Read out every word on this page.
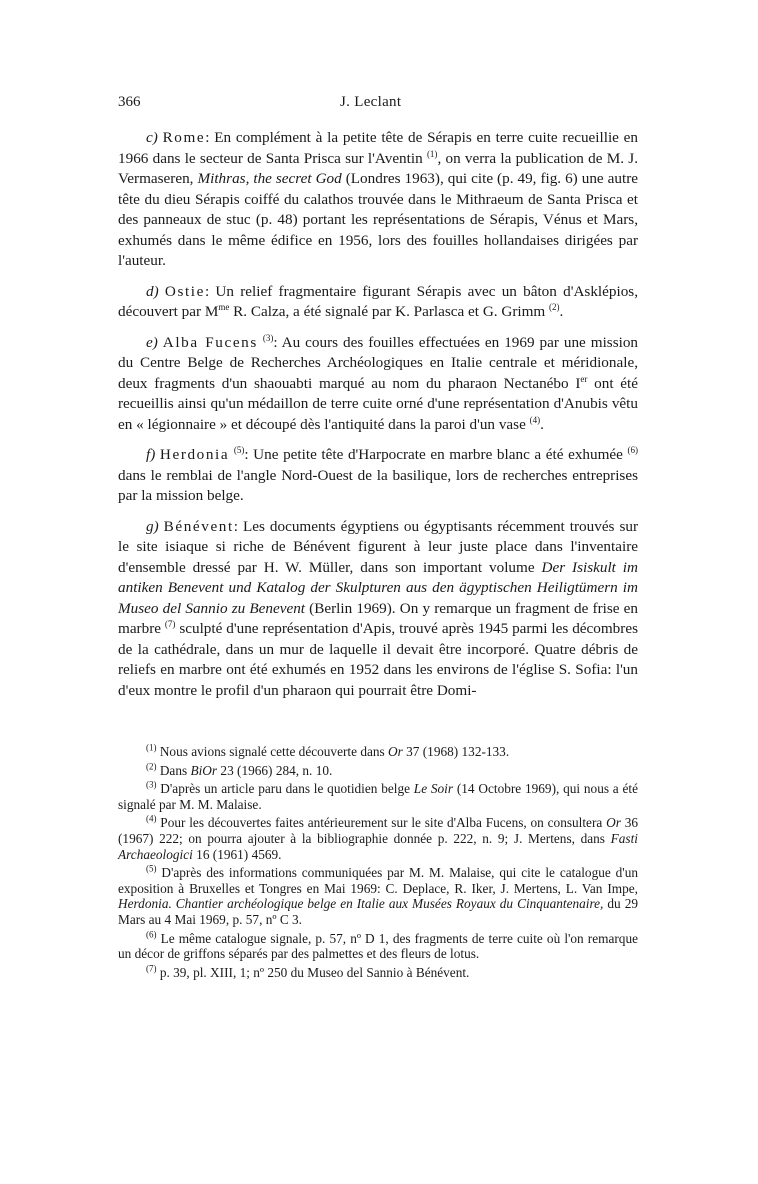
366	J. Leclant

c) Rome: En complément à la petite tête de Sérapis en terre cuite recueillie en 1966 dans le secteur de Santa Prisca sur l'Aventin $^{(1)}$, on verra la publication de M. J. Vermaseren, Mithras, the secret God (Londres 1963), qui cite (p. 49, fig. 6) une autre tête du dieu Sérapis coiffé du calathos trouvée dans le Mithraeum de Santa Prisca et des panneaux de stuc (p. 48) portant les représentations de Sérapis, Vénus et Mars, exhumés dans le même édifice en 1956, lors des fouilles hollandaises dirigées par l'auteur.

d) Ostie: Un relief fragmentaire figurant Sérapis avec un bâton d'Asklépios, découvert par $M^{me}$ R. Calza, a été signalé par K. Parlasca et G. Grimm $^{(2)}$.

e) Alba Fucens $^{(3)}$: Au cours des fouilles effectuées en 1969 par une mission du Centre Belge de Recherches Archéologiques en Italie centrale et méridionale, deux fragments d'un shaouabti marqué au nom du pharaon Nectanébo Ier ont été recueillis ainsi qu'un médaillon de terre cuite orné d'une représentation d'Anubis vêtu en « légionnaire » et découpé dès l'antiquité dans la paroi d'un vase $^{(4)}$.

f) Herdonia $^{(5)}$: Une petite tête d'Harpocrate en marbre blanc a été exhumée $^{(6)}$ dans le remblai de l'angle Nord-Ouest de la basilique, lors de recherches entreprises par la mission belge.

g) Bénévent: Les documents égyptiens ou égyptisants récemment trouvés sur le site isiaque si riche de Bénévent figurent à leur juste place dans l'inventaire d'ensemble dressé par H. W. Müller, dans son important volume Der Isiskult im antiken Benevent und Katalog der Skulpturen aus den ägyptischen Heiligtümern im Museo del Sannio zu Benevent (Berlin 1969). On y remarque un fragment de frise en marbre $^{(7)}$ sculpté d'une représentation d'Apis, trouvé après 1945 parmi les décombres de la cathédrale, dans un mur de laquelle il devait être incorporé. Quatre débris de reliefs en marbre ont été exhumés en 1952 dans les environs de l'église S. Sofia: l'un d'eux montre le profil d'un pharaon qui pourrait être Domi-

$^{(1)}$ Nous avions signalé cette découverte dans Or 37 (1968) 132-133.

$^{(2)}$ Dans BiOr 23 (1966) 284, n. 10.

$^{(3)}$ D'après un article paru dans le quotidien belge Le Soir (14 Octobre 1969), qui nous a été signalé par M. M. Malaise.

$^{(4)}$ Pour les découvertes faites antérieurement sur le site d'Alba Fucens, on consultera Or 36 (1967) 222; on pourra ajouter à la bibliographie donnée p. 222, n. 9; J. Mertens, dans Fasti Archaeologici 16 (1961) 4569.

$^{(5)}$ D'après des informations communiquées par M. M. Malaise, qui cite le catalogue d'un exposition à Bruxelles et Tongres en Mai 1969: C. Deplace, R. Iker, J. Mertens, L. Van Impe, Herdonia. Chantier archéologique belge en Italie aux Musées Royaux du Cinquantenaire, du 29 Mars au 4 Mai 1969, p. 57, nº C 3.

$^{(6)}$ Le même catalogue signale, p. 57, nº D 1, des fragments de terre cuite où l'on remarque un décor de griffons séparés par des palmettes et des fleurs de lotus.

$^{(7)}$ p. 39, pl. XIII, 1; nº 250 du Museo del Sannio à Bénévent.
